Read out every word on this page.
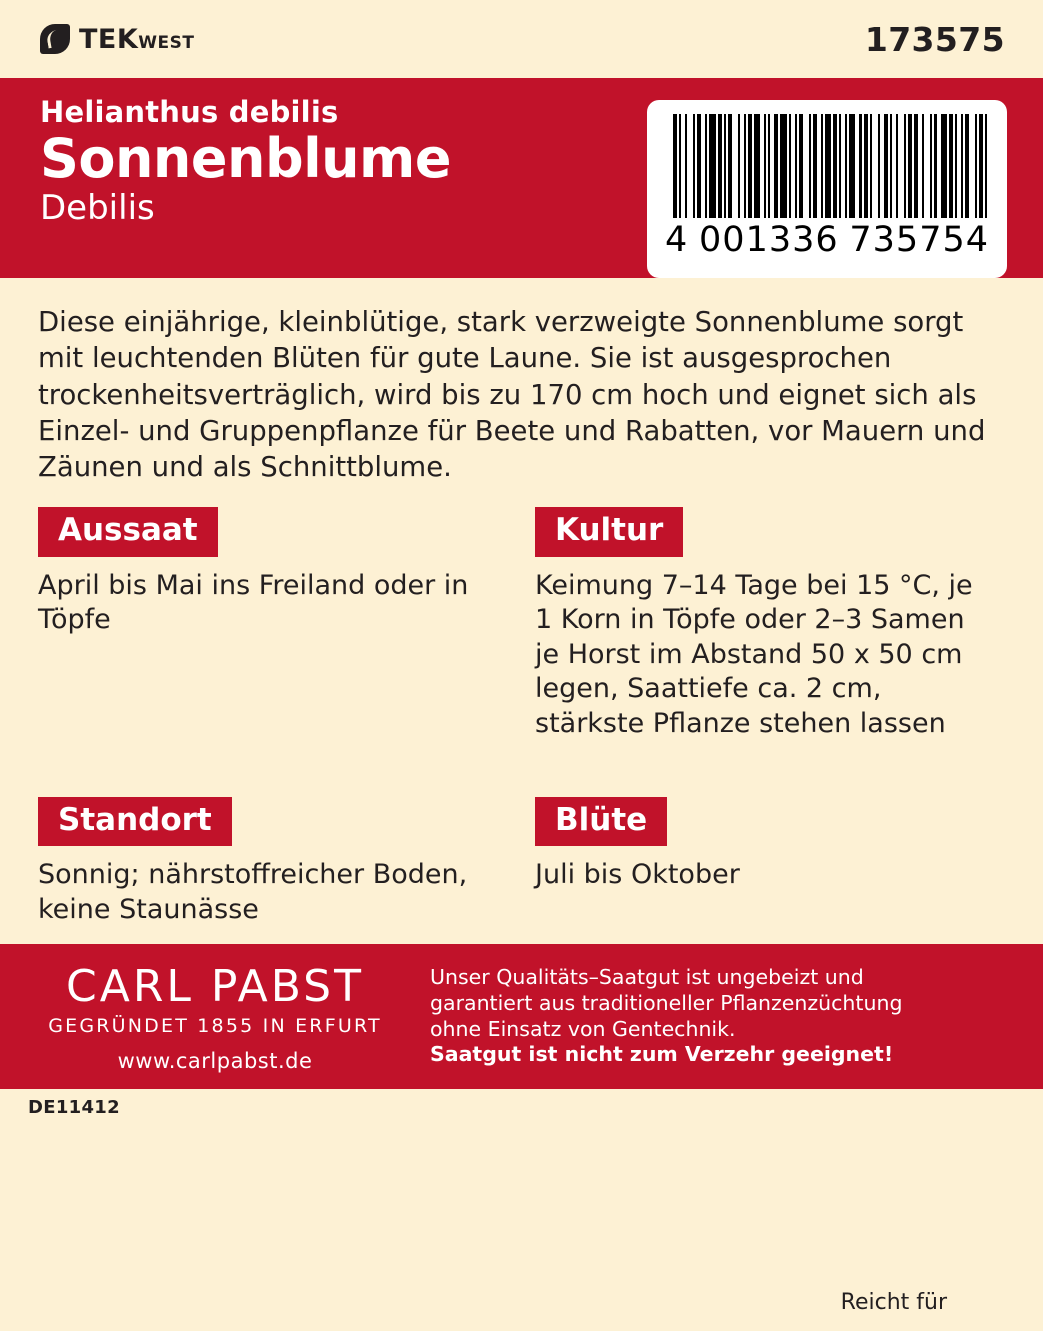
TEKWEST	173575
Helianthus debilis
Sonnenblume
Debilis
4 001336 735754
Diese einjährige, kleinblütige, stark verzweigte Sonnenblume sorgt mit leuchtenden Blüten für gute Laune. Sie ist ausgesprochen trockenheitsverträglich, wird bis zu 170 cm hoch und eignet sich als Einzel- und Gruppenpflanze für Beete und Rabatten, vor Mauern und Zäunen und als Schnittblume.
Aussaat
April bis Mai ins Freiland oder in Töpfe
Kultur
Keimung 7–14 Tage bei 15 °C, je 1 Korn in Töpfe oder 2–3 Samen je Horst im Abstand 50 x 50 cm legen, Saattiefe ca. 2 cm, stärkste Pflanze stehen lassen
Standort
Sonnig; nährstoffreicher Boden, keine Staunässe
Blüte
Juli bis Oktober
CARL PABST
GEGRÜNDET 1855 IN ERFURT
www.carlpabst.de
Unser Qualitäts–Saatgut ist ungebeizt und
garantiert aus traditioneller Pflanzenzüchtung
ohne Einsatz von Gentechnik.
Saatgut ist nicht zum Verzehr geeignet!
DE11412
Reicht für
